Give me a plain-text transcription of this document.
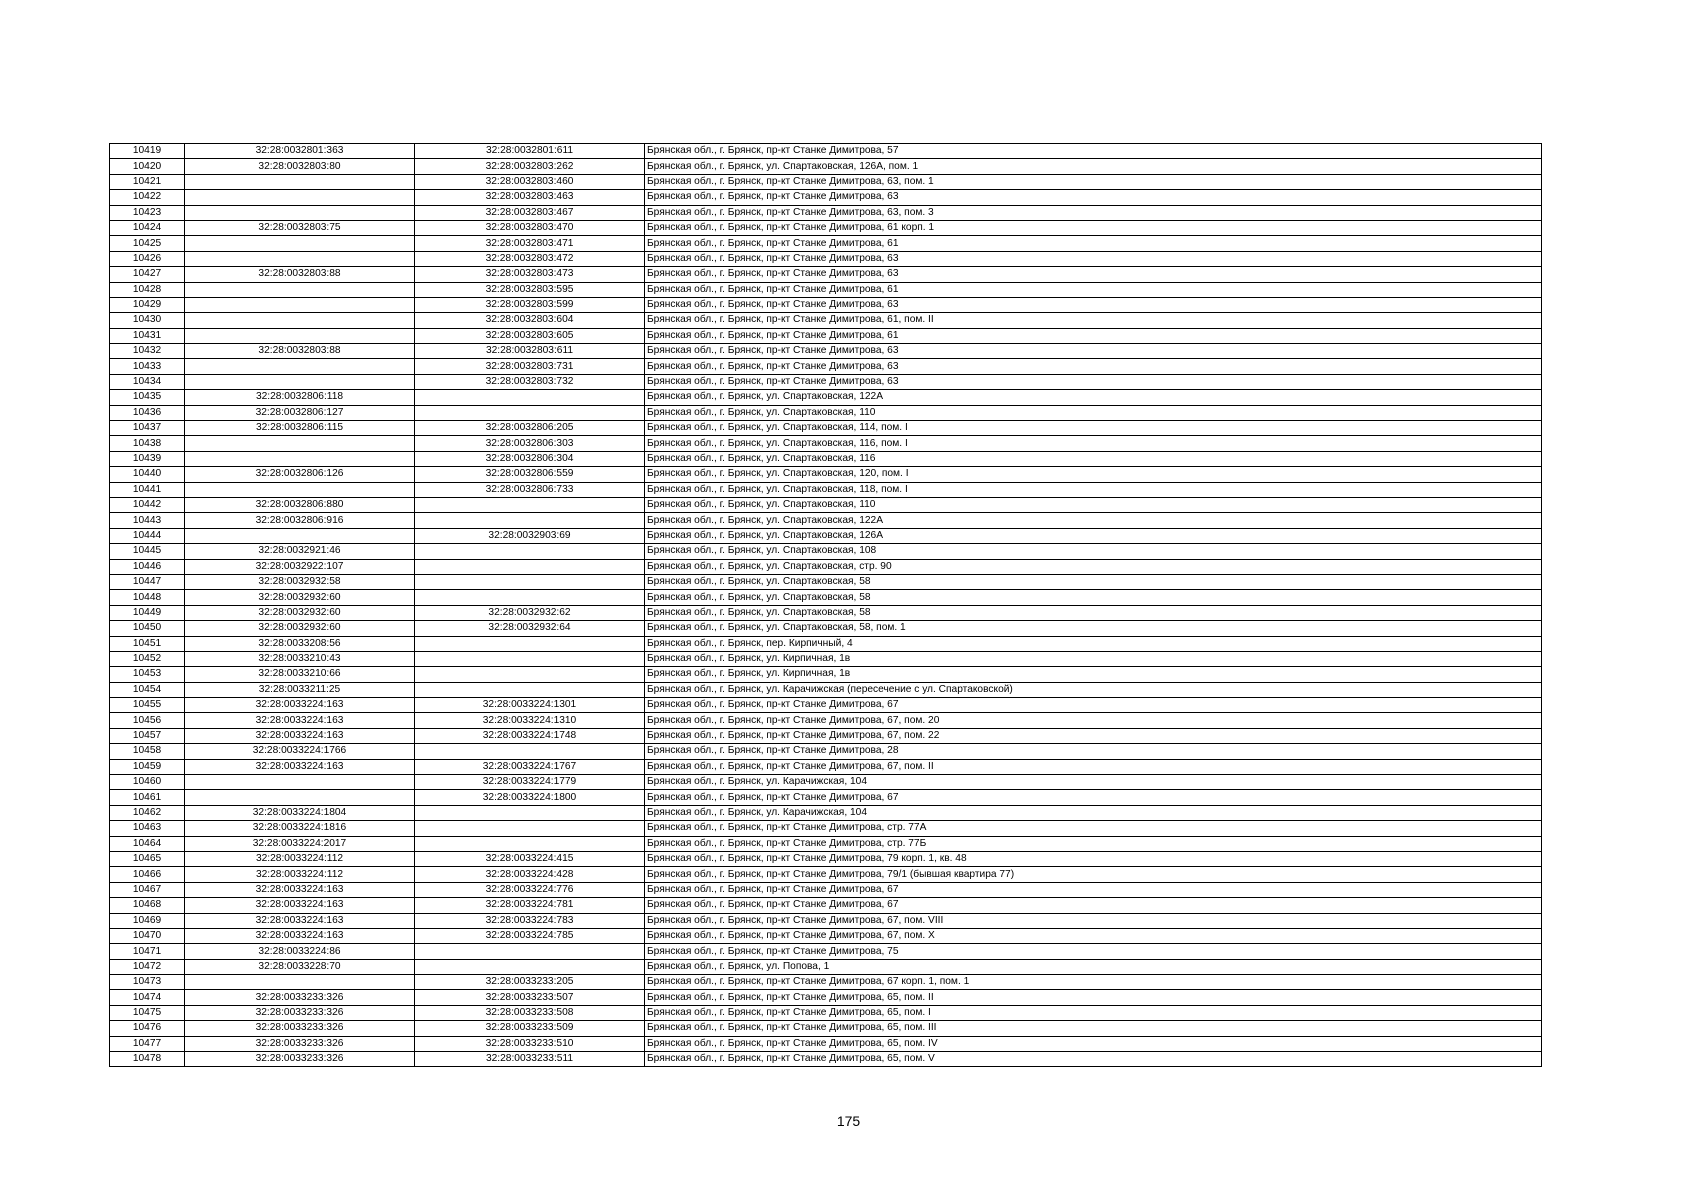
10419	32:28:0032801:363	32:28:0032801:611	Брянская обл., г. Брянск, пр-кт Станке Димитрова, 57
10420	32:28:0032803:80	32:28:0032803:262	Брянская обл., г. Брянск, ул. Спартаковская, 126А, пом. 1
10421		32:28:0032803:460	Брянская обл., г. Брянск, пр-кт Станке Димитрова, 63, пом. 1
10422		32:28:0032803:463	Брянская обл., г. Брянск, пр-кт Станке Димитрова, 63
10423		32:28:0032803:467	Брянская обл., г. Брянск, пр-кт Станке Димитрова, 63, пом. 3
10424	32:28:0032803:75	32:28:0032803:470	Брянская обл., г. Брянск, пр-кт Станке Димитрова, 61 корп. 1
10425		32:28:0032803:471	Брянская обл., г. Брянск, пр-кт Станке Димитрова, 61
10426		32:28:0032803:472	Брянская обл., г. Брянск, пр-кт Станке Димитрова, 63
10427	32:28:0032803:88	32:28:0032803:473	Брянская обл., г. Брянск, пр-кт Станке Димитрова, 63
10428		32:28:0032803:595	Брянская обл., г. Брянск, пр-кт Станке Димитрова, 61
10429		32:28:0032803:599	Брянская обл., г. Брянск, пр-кт Станке Димитрова, 63
10430		32:28:0032803:604	Брянская обл., г. Брянск, пр-кт Станке Димитрова, 61, пом. II
10431		32:28:0032803:605	Брянская обл., г. Брянск, пр-кт Станке Димитрова, 61
10432	32:28:0032803:88	32:28:0032803:611	Брянская обл., г. Брянск, пр-кт Станке Димитрова, 63
10433		32:28:0032803:731	Брянская обл., г. Брянск, пр-кт Станке Димитрова, 63
10434		32:28:0032803:732	Брянская обл., г. Брянск, пр-кт Станке Димитрова, 63
10435	32:28:0032806:118		Брянская обл., г. Брянск, ул. Спартаковская, 122А
10436	32:28:0032806:127		Брянская обл., г. Брянск, ул. Спартаковская, 110
10437	32:28:0032806:115	32:28:0032806:205	Брянская обл., г. Брянск, ул. Спартаковская, 114, пом. I
10438		32:28:0032806:303	Брянская обл., г. Брянск, ул. Спартаковская, 116, пом. I
10439		32:28:0032806:304	Брянская обл., г. Брянск, ул. Спартаковская, 116
10440	32:28:0032806:126	32:28:0032806:559	Брянская обл., г. Брянск, ул. Спартаковская, 120, пом. I
10441		32:28:0032806:733	Брянская обл., г. Брянск, ул. Спартаковская, 118, пом. I
10442	32:28:0032806:880		Брянская обл., г. Брянск, ул. Спартаковская, 110
10443	32:28:0032806:916		Брянская обл., г. Брянск, ул. Спартаковская, 122А
10444		32:28:0032903:69	Брянская обл., г. Брянск, ул. Спартаковская, 126А
10445	32:28:0032921:46		Брянская обл., г. Брянск, ул. Спартаковская, 108
10446	32:28:0032922:107		Брянская обл., г. Брянск, ул. Спартаковская, стр. 90
10447	32:28:0032932:58		Брянская обл., г. Брянск, ул. Спартаковская, 58
10448	32:28:0032932:60		Брянская обл., г. Брянск, ул. Спартаковская, 58
10449	32:28:0032932:60	32:28:0032932:62	Брянская обл., г. Брянск, ул. Спартаковская, 58
10450	32:28:0032932:60	32:28:0032932:64	Брянская обл., г. Брянск, ул. Спартаковская, 58, пом. 1
10451	32:28:0033208:56		Брянская обл., г. Брянск, пер. Кирпичный, 4
10452	32:28:0033210:43		Брянская обл., г. Брянск, ул. Кирпичная, 1в
10453	32:28:0033210:66		Брянская обл., г. Брянск, ул. Кирпичная, 1в
10454	32:28:0033211:25		Брянская обл., г. Брянск, ул. Карачижская (пересечение с ул. Спартаковской)
10455	32:28:0033224:163	32:28:0033224:1301	Брянская обл., г. Брянск, пр-кт Станке Димитрова, 67
10456	32:28:0033224:163	32:28:0033224:1310	Брянская обл., г. Брянск, пр-кт Станке Димитрова, 67, пом. 20
10457	32:28:0033224:163	32:28:0033224:1748	Брянская обл., г. Брянск, пр-кт Станке Димитрова, 67, пом. 22
10458	32:28:0033224:1766		Брянская обл., г. Брянск, пр-кт Станке Димитрова, 28
10459	32:28:0033224:163	32:28:0033224:1767	Брянская обл., г. Брянск, пр-кт Станке Димитрова, 67, пом. II
10460		32:28:0033224:1779	Брянская обл., г. Брянск, ул. Карачижская, 104
10461		32:28:0033224:1800	Брянская обл., г. Брянск, пр-кт Станке Димитрова, 67
10462	32:28:0033224:1804		Брянская обл., г. Брянск, ул. Карачижская, 104
10463	32:28:0033224:1816		Брянская обл., г. Брянск, пр-кт Станке Димитрова, стр. 77А
10464	32:28:0033224:2017		Брянская обл., г. Брянск, пр-кт Станке Димитрова, стр. 77Б
10465	32:28:0033224:112	32:28:0033224:415	Брянская обл., г. Брянск, пр-кт Станке Димитрова, 79 корп. 1, кв. 48
10466	32:28:0033224:112	32:28:0033224:428	Брянская обл., г. Брянск, пр-кт Станке Димитрова, 79/1 (бывшая квартира 77)
10467	32:28:0033224:163	32:28:0033224:776	Брянская обл., г. Брянск, пр-кт Станке Димитрова, 67
10468	32:28:0033224:163	32:28:0033224:781	Брянская обл., г. Брянск, пр-кт Станке Димитрова, 67
10469	32:28:0033224:163	32:28:0033224:783	Брянская обл., г. Брянск, пр-кт Станке Димитрова, 67, пом. VIII
10470	32:28:0033224:163	32:28:0033224:785	Брянская обл., г. Брянск, пр-кт Станке Димитрова, 67, пом. X
10471	32:28:0033224:86		Брянская обл., г. Брянск, пр-кт Станке Димитрова, 75
10472	32:28:0033228:70		Брянская обл., г. Брянск, ул. Попова, 1
10473		32:28:0033233:205	Брянская обл., г. Брянск, пр-кт Станке Димитрова, 67 корп. 1, пом. 1
10474	32:28:0033233:326	32:28:0033233:507	Брянская обл., г. Брянск, пр-кт Станке Димитрова, 65, пом. II
10475	32:28:0033233:326	32:28:0033233:508	Брянская обл., г. Брянск, пр-кт Станке Димитрова, 65, пом. I
10476	32:28:0033233:326	32:28:0033233:509	Брянская обл., г. Брянск, пр-кт Станке Димитрова, 65, пом. III
10477	32:28:0033233:326	32:28:0033233:510	Брянская обл., г. Брянск, пр-кт Станке Димитрова, 65, пом. IV
10478	32:28:0033233:326	32:28:0033233:511	Брянская обл., г. Брянск, пр-кт Станке Димитрова, 65, пом. V
175
